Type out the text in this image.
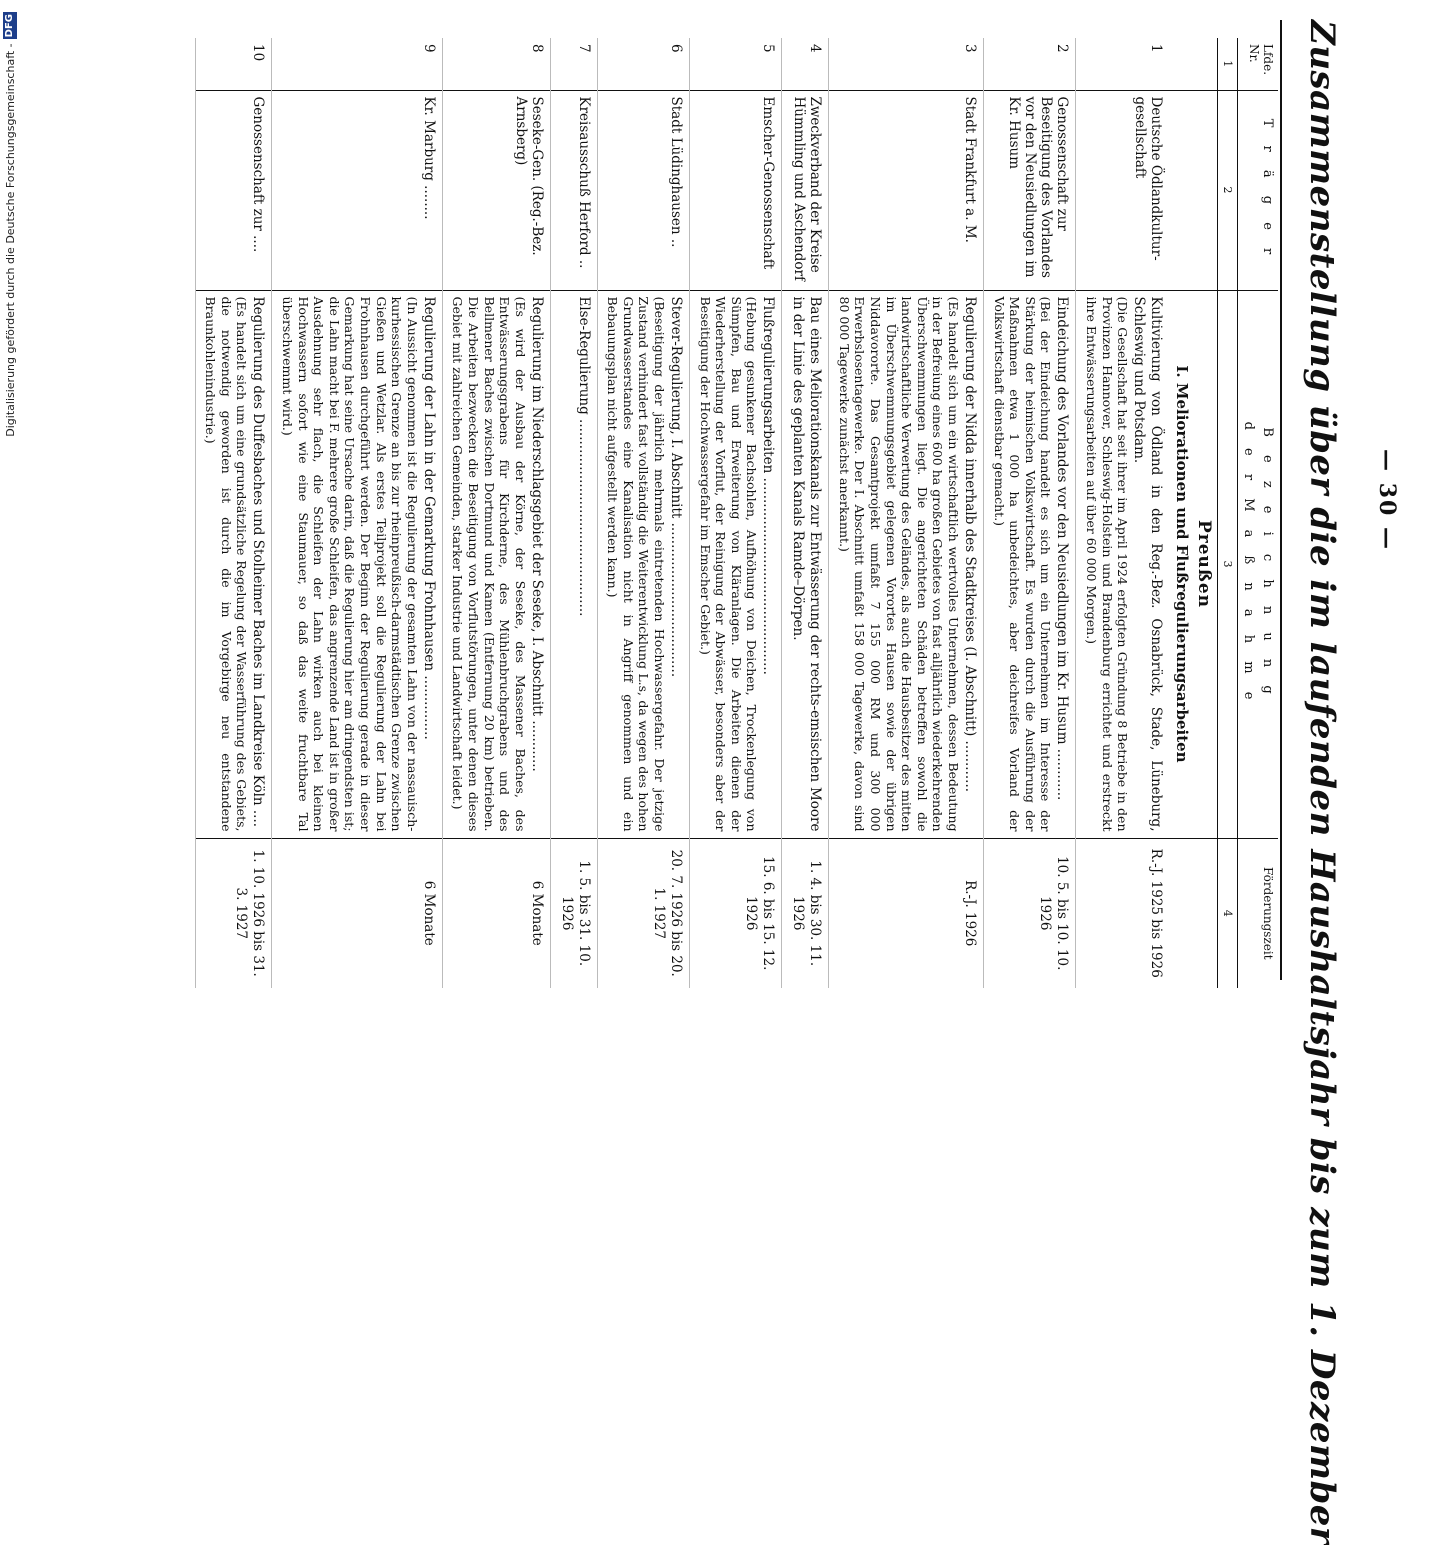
— 30 —
Zusammenstellung über die im laufenden Haushaltsjahr bis zum 1. Dezember
Lfde. Nr.	T r ä g e r	B e z e i c h n u n g
d e r M a ß n a h m e	Förderungszeit
1	2	3	4

		Preußen
I. Meliorationen und Flußregulierungsarbeiten	

1	Deutsche Ödlandkultur-gesellschaft	Kultivierung von Ödland in den Reg.-Bez. Osnabrück, Stade, Lüneburg, Schleswig und Potsdam.
(Die Gesellschaft hat seit ihrer im April 1924 erfolgten Gründung 8 Betriebe in den Provinzen Hannover, Schleswig-Holstein und Brandenburg errichtet und erstreckt ihre Entwässerungsarbeiten auf über 60 000 Morgen.)	R.-J. 1925 bis 1926
2	Genossenschaft zur Beseitigung des Vorlandes vor den Neusiedlungen im Kr. Husum	Eindeichung des Vorlandes vor den Neusiedlungen im Kr. Husum ............
(Bei der Eindeichung handelt es sich um ein Unternehmen im Interesse der Stärkung der heimischen Volkswirtschaft. Es wurden durch die Ausführung der Maßnahmen etwa 1 000 ha unbedeichtes, aber deichreifes Vorland der Volkswirtschaft dienstbar gemacht.)	10. 5. bis 10. 10. 1926
3	Stadt Frankfurt a. M.	Regulierung der Nidda innerhalb des Stadtkreises (I. Abschnitt) ............
(Es handelt sich um ein wirtschaftlich wertvolles Unternehmen, dessen Bedeutung in der Befreiung eines 600 ha großen Gebietes von fast alljährlich wiederkehrenden Überschwemmungen liegt. Die angerichteten Schäden betreffen sowohl die landwirtschaftliche Verwertung des Geländes, als auch die Hausbesitzer des mitten im Überschwemmungsgebiet gelegenen Vorortes Hausen sowie der übrigen Niddavororte. Das Gesamtprojekt umfaßt 7 155 000 RM und 300 000 Erwerbslosentagewerke. Der I. Abschnitt umfaßt 158 000 Tagewerke, davon sind 80 000 Tagewerke zunächst anerkannt.)	R.-J. 1926
4	Zweckverband der Kreise Hümmling und Aschendorf	Bau eines Meliorationskanals zur Entwässerung der rechts-emsischen Moore in der Linie des geplanten Kanals Ramde–Dörpen.	1. 4. bis 30. 11. 1926
5	Emscher-Genossenschaft	Flußregulierungsarbeiten ..............................................
(Hebung gesunkener Bachsohlen, Aufhöhung von Deichen, Trockenlegung von Sümpfen, Bau und Erweiterung von Kläranlagen. Die Arbeiten dienen der Wiederherstellung der Vorflut, der Reinigung der Abwässer, besonders aber der Beseitigung der Hochwassergefahr im Emscher Gebiet.)	15. 6. bis 15. 12. 1926
6	Stadt Lüdinghausen ..	Stever-Regulierung, I. Abschnitt ....................................
(Beseitigung der jährlich mehrmals eintretenden Hochwassergefahr. Der jetzige Zustand verhindert fast vollständig die Weiterentwicklung L.s, da wegen des hohen Grundwasserstandes eine Kanalisation nicht in Angriff genommen und ein Bebauungsplan nicht aufgestellt werden kann.)	20. 7. 1926 bis 20. 1. 1927
7	Kreisausschuß Herford ..	Else-Regulierung ..............................................	1. 5. bis 31. 10. 1926
8	Seseke-Gen. (Reg.-Bez. Arnsberg)	Regulierung im Niederschlagsgebiet der Seseke, I. Abschnitt ............
(Es wird der Ausbau der Körne, der Seseke, des Massener Baches, des Entwässerungsgrabens für Kirchderne, des Mühlenbruchgrabens und des Bellmener Baches zwischen Dortmund und Kamen (Entfernung 20 km) betrieben. Die Arbeiten bezwecken die Beseitigung von Vorflutstörungen, unter denen dieses Gebiet mit zahlreichen Gemeinden, starker Industrie und Landwirtschaft leidet.)	6 Monate
9	Kr. Marburg ........	Regulierung der Lahn in der Gemarkung Frohnhausen ...............
(In Aussicht genommen ist die Regulierung der gesamten Lahn von der nassauisch-kurhessischen Grenze an bis zur rheinpreußisch-darmstädtischen Grenze zwischen Gießen und Wetzlar. Als erstes Teilprojekt soll die Regulierung der Lahn bei Frohnhausen durchgeführt werden. Der Beginn der Regulierung gerade in dieser Gemarkung hat seine Ursache darin, daß die Regulierung hier am dringendsten ist; die Lahn macht bei F. mehrere große Schleifen, das angrenzende Land ist in großer Ausdehnung sehr flach, die Schleifen der Lahn wirken auch bei kleinen Hochwassern sofort wie eine Staumauer, so daß das weite fruchtbare Tal überschwemmt wird.)	6 Monate
10	Genossenschaft zur ....	Regulierung des Duffesbaches und Stolheimer Baches im Landkreise Köln ....
(Es handelt sich um eine grundsätzliche Regelung der Wasserführung des Gebiets, die notwendig geworden ist durch die im Vorgebirge neu entstandene Braunkohlenindustrie.)	1. 10. 1926 bis 31. 3. 1927
Digitalisierung gefördert durch die Deutsche Forschungsgemeinschaft -
DFG
